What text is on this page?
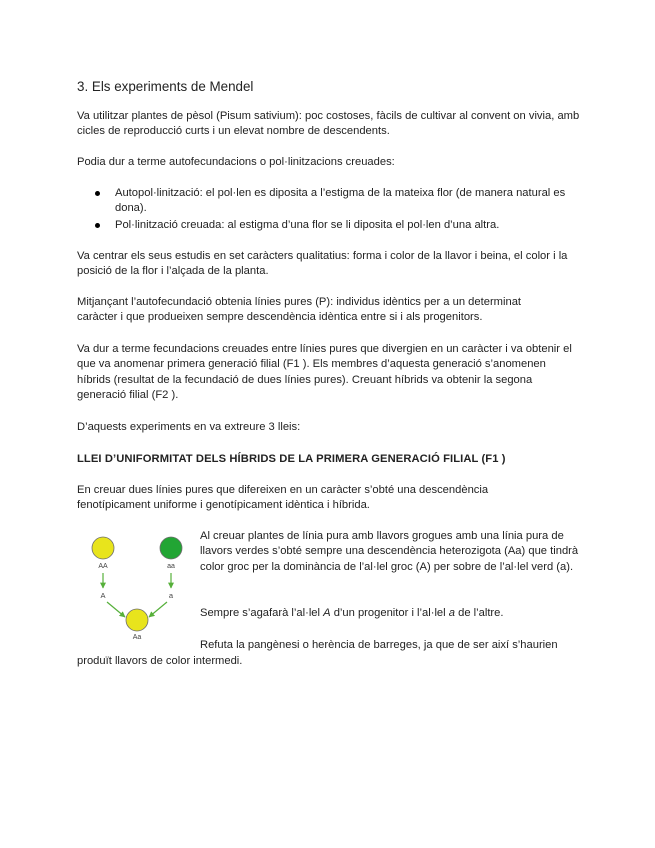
3. Els experiments de Mendel

Va utilitzar plantes de pèsol (Pisum sativium): poc costoses, fàcils de cultivar al convent on vivia, amb cicles de reproducció curts i un elevat nombre de descendents.

Podia dur a terme autofecundacions o pol·linitzacions creuades:

Autopol·linització: el pol·len es diposita a l’estigma de la mateixa flor (de manera natural es dona).
Pol·linització creuada: al estigma d’una flor se li diposita el pol·len d’una altra.

Va centrar els seus estudis en set caràcters qualitatius: forma i color de la llavor i beina, el color i la posició de la flor i l’alçada de la planta.

Mitjançant l’autofecundació obtenia línies pures (P): individus idèntics per a un determinat caràcter i que produeixen sempre descendència idèntica entre si i als progenitors.

Va dur a terme fecundacions creuades entre línies pures que divergien en un caràcter i va obtenir el que va anomenar primera generació filial (F1 ). Els membres d’aquesta generació s’anomenen híbrids (resultat de la fecundació de dues línies pures). Creuant híbrids va obtenir la segona generació filial (F2 ).

D’aquests experiments en va extreure 3 lleis:

LLEI D’UNIFORMITAT DELS HÍBRIDS DE LA PRIMERA GENERACIÓ FILIAL (F1 )

En creuar dues línies pures que difereixen en un caràcter s’obté una descendència fenotípicament uniforme i genotípicament idèntica i híbrida.

AA	aa
A	a
Aa

Al creuar plantes de línia pura amb llavors grogues amb una línia pura de llavors verdes s’obté sempre una descendència heterozigota (Aa) que tindrà color groc per la dominància de l’al·lel groc (A) per sobre de l’al·lel verd (a).

Sempre s’agafarà l’al·lel A d’un progenitor i l’al·lel a de l’altre.

Refuta la pangènesi o herència de barreges, ja que de ser així s’haurien

produït llavors de color intermedi.
